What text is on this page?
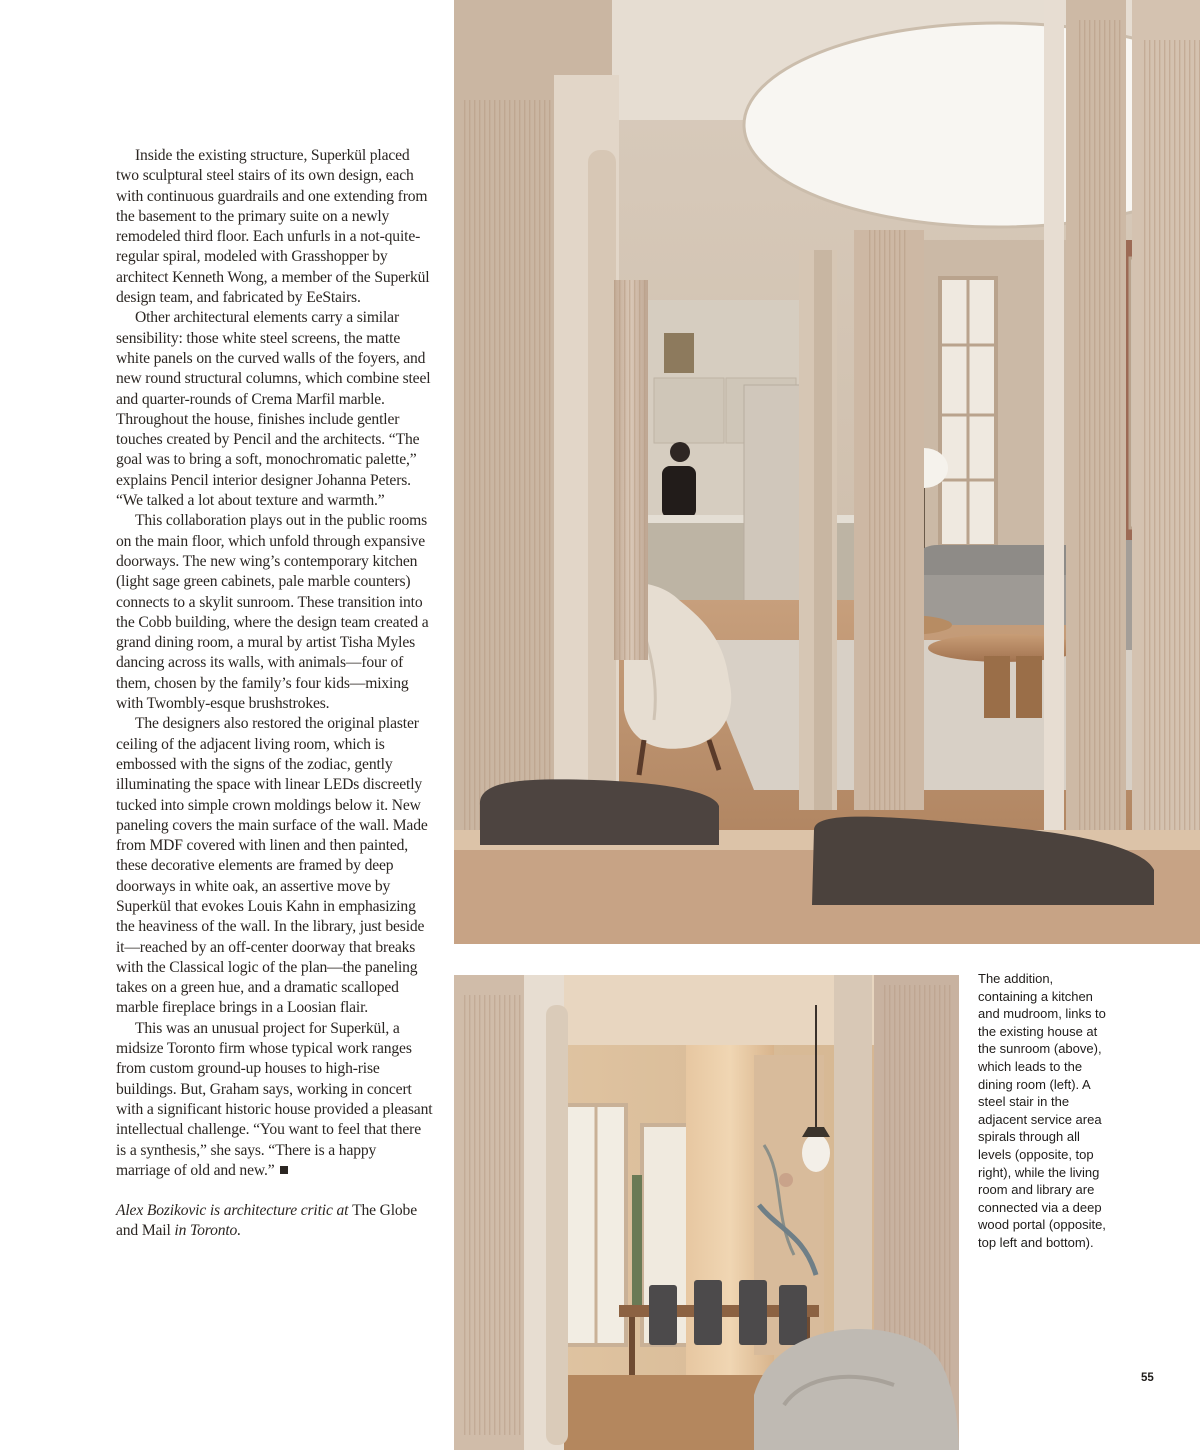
Inside the existing structure, Superkül placed two sculptural steel stairs of its own design, each with continuous guardrails and one extending from the basement to the primary suite on a newly remodeled third floor. Each unfurls in a not-quite-regular spiral, modeled with Grasshopper by architect Kenneth Wong, a member of the Superkül design team, and fabricated by EeStairs.

Other architectural elements carry a similar sensibility: those white steel screens, the matte white panels on the curved walls of the foyers, and new round structural columns, which combine steel and quarter-rounds of Crema Marfil marble. Throughout the house, finishes include gentler touches created by Pencil and the architects. “The goal was to bring a soft, monochromatic palette,” explains Pencil interior designer Johanna Peters. “We talked a lot about texture and warmth.”

This collaboration plays out in the public rooms on the main floor, which unfold through expansive doorways. The new wing’s contemporary kitchen (light sage green cabinets, pale marble counters) connects to a skylit sunroom. These transition into the Cobb building, where the design team created a grand dining room, a mural by artist Tisha Myles dancing across its walls, with animals—four of them, chosen by the family’s four kids—mixing with Twombly-esque brushstrokes.

The designers also restored the original plaster ceiling of the adjacent living room, which is embossed with the signs of the zodiac, gently illuminating the space with linear LEDs discreetly tucked into simple crown moldings below it. New paneling covers the main surface of the wall. Made from MDF covered with linen and then painted, these decorative elements are framed by deep doorways in white oak, an assertive move by Superkül that evokes Louis Kahn in emphasizing the heaviness of the wall. In the library, just beside it—reached by an off-center doorway that breaks with the Classical logic of the plan—the paneling takes on a green hue, and a dramatic scalloped marble fireplace brings in a Loosian flair.

This was an unusual project for Superkül, a midsize Toronto firm whose typical work ranges from custom ground-up houses to high-rise buildings. But, Graham says, working in concert with a significant historic house provided a pleasant intellectual challenge. “You want to feel that there is a synthesis,” she says. “There is a happy marriage of old and new.”

Alex Bozikovic is architecture critic at The Globe and Mail in Toronto.

The addition, containing a kitchen and mudroom, links to the existing house at the sunroom (above), which leads to the dining room (left). A steel stair in the adjacent service area spirals through all levels (opposite, top right), while the living room and library are connected via a deep wood portal (opposite, top left and bottom).
55
